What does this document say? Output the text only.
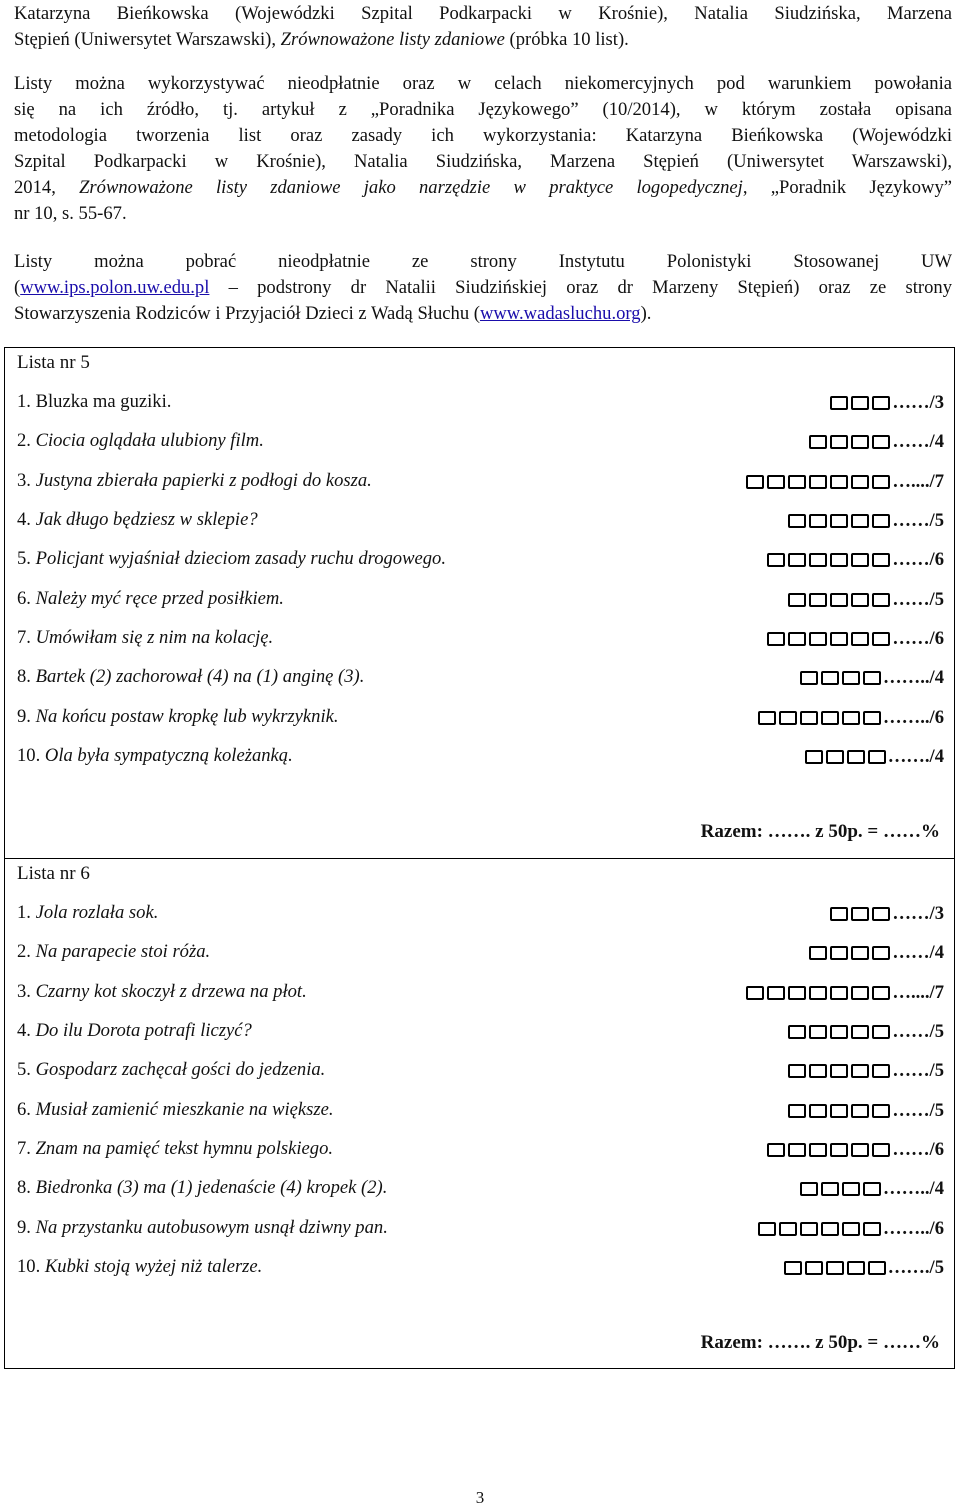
Katarzyna Bieńkowska (Wojewódzki Szpital Podkarpacki w Krośnie), Natalia Siudzińska, Marzena
Stępień (Uniwersytet Warszawski), Zrównoważone listy zdaniowe (próbka 10 list).
Listy można wykorzystywać nieodpłatnie oraz w celach niekomercyjnych pod warunkiem powołania
się na ich źródło, tj. artykuł z „Poradnika Językowego” (10/2014), w którym została opisana
metodologia tworzenia list oraz zasady ich wykorzystania: Katarzyna Bieńkowska (Wojewódzki
Szpital Podkarpacki w Krośnie), Natalia Siudzińska, Marzena Stępień (Uniwersytet Warszawski),
2014, Zrównoważone listy zdaniowe jako narzędzie w praktyce logopedycznej, „Poradnik Językowy”
nr 10, s. 55-67.
Listy można pobrać nieodpłatnie ze strony Instytutu Polonistyki Stosowanej UW
(www.ips.polon.uw.edu.pl – podstrony dr Natalii Siudzińskiej oraz dr Marzeny Stępień) oraz ze strony
Stowarzyszenia Rodziców i Przyjaciół Dzieci z Wadą Słuchu (www.wadasluchu.org).
Lista nr 5
1. Bluzka ma guziki.	……/3
2. Ciocia oglądała ulubiony film.	……/4
3. Justyna zbierała papierki z podłogi do kosza.	…..../7
4. Jak długo będziesz w sklepie?	……/5
5. Policjant wyjaśniał dzieciom zasady ruchu drogowego.	……/6
6. Należy myć ręce przed posiłkiem.	……/5
7. Umówiłam się z nim na kolację.	……/6
8. Bartek (2) zachorował (4) na (1) anginę (3).	……../4
9. Na końcu postaw kropkę lub wykrzyknik.	……../6
10. Ola była sympatyczną koleżanką.	……./4
Razem: ……. z 50p. = ……%
Lista nr 6
1. Jola rozlała sok.	……/3
2. Na parapecie stoi róża.	……/4
3. Czarny kot skoczył z drzewa na płot.	…..../7
4. Do ilu Dorota potrafi liczyć?	……/5
5. Gospodarz zachęcał gości do jedzenia.	……/5
6. Musiał zamienić mieszkanie na większe.	……/5
7. Znam na pamięć tekst hymnu polskiego.	……/6
8. Biedronka (3) ma (1) jedenaście (4) kropek (2).	……../4
9. Na przystanku autobusowym usnął dziwny pan.	……../6
10. Kubki stoją wyżej niż talerze.	……./5
Razem: ……. z 50p. = ……%
3
